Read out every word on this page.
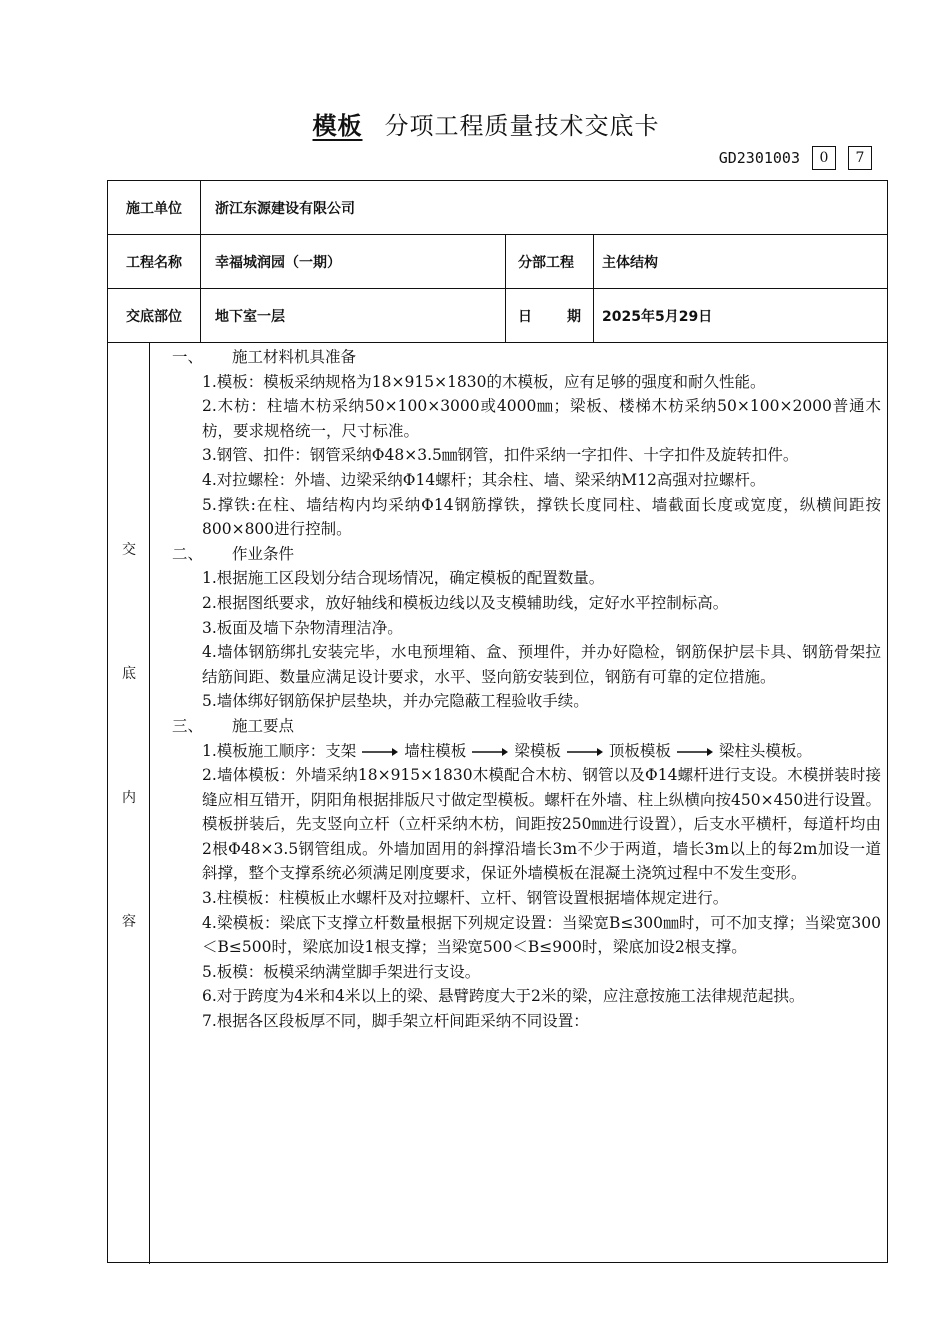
模板 分项工程质量技术交底卡
GD2301003	0	7
施工单位	浙江东源建设有限公司
工程名称	幸福城润园（一期）	分部工程	主体结构
交底部位	地下室一层	日	期	2025年5月29日
交
底
内
容
一、	施工材料机具准备
1.模板：模板采纳规格为18×915×1830的木模板，应有足够的强度和耐久性能。
2.木枋：柱墙木枋采纳50×100×3000或4000㎜；梁板、楼梯木枋采纳50×100×2000普通木枋，要求规格统一，尺寸标准。
3.钢管、扣件：钢管采纳Φ48×3.5㎜钢管，扣件采纳一字扣件、十字扣件及旋转扣件。
4.对拉螺栓：外墙、边梁采纳Φ14螺杆；其余柱、墙、梁采纳M12高强对拉螺杆。
5.撑铁:在柱、墙结构内均采纳Φ14钢筋撑铁，撑铁长度同柱、墙截面长度或宽度，纵横间距按800×800进行控制。
二、	作业条件
1.根据施工区段划分结合现场情况，确定模板的配置数量。
2.根据图纸要求，放好轴线和模板边线以及支模辅助线，定好水平控制标高。
3.板面及墙下杂物清理洁净。
4.墙体钢筋绑扎安装完毕，水电预埋箱、盒、预埋件，并办好隐检，钢筋保护层卡具、钢筋骨架拉结筋间距、数量应满足设计要求，水平、竖向筋安装到位，钢筋有可靠的定位措施。
5.墙体绑好钢筋保护层垫块，并办完隐蔽工程验收手续。
三、	施工要点
1.模板施工顺序：支架	墙柱模板	梁模板	顶板模板	梁柱头模板。
2.墙体模板：外墙采纳18×915×1830木模配合木枋、钢管以及Φ14螺杆进行支设。木模拼装时接缝应相互错开，阴阳角根据排版尺寸做定型模板。螺杆在外墙、柱上纵横向按450×450进行设置。模板拼装后，先支竖向立杆（立杆采纳木枋，间距按250㎜进行设置），后支水平横杆，每道杆均由2根Φ48×3.5钢管组成。外墙加固用的斜撑沿墙长3m不少于两道，墙长3m以上的每2m加设一道斜撑，整个支撑系统必须满足刚度要求，保证外墙模板在混凝土浇筑过程中不发生变形。
3.柱模板：柱模板止水螺杆及对拉螺杆、立杆、钢管设置根据墙体规定进行。
4.梁模板：梁底下支撑立杆数量根据下列规定设置：当梁宽B≤300㎜时，可不加支撑；当梁宽300＜B≤500时，梁底加设1根支撑；当梁宽500＜B≤900时，梁底加设2根支撑。
5.板模：板模采纳满堂脚手架进行支设。
6.对于跨度为4米和4米以上的梁、悬臂跨度大于2米的梁，应注意按施工法律规范起拱。
7.根据各区段板厚不同，脚手架立杆间距采纳不同设置：
